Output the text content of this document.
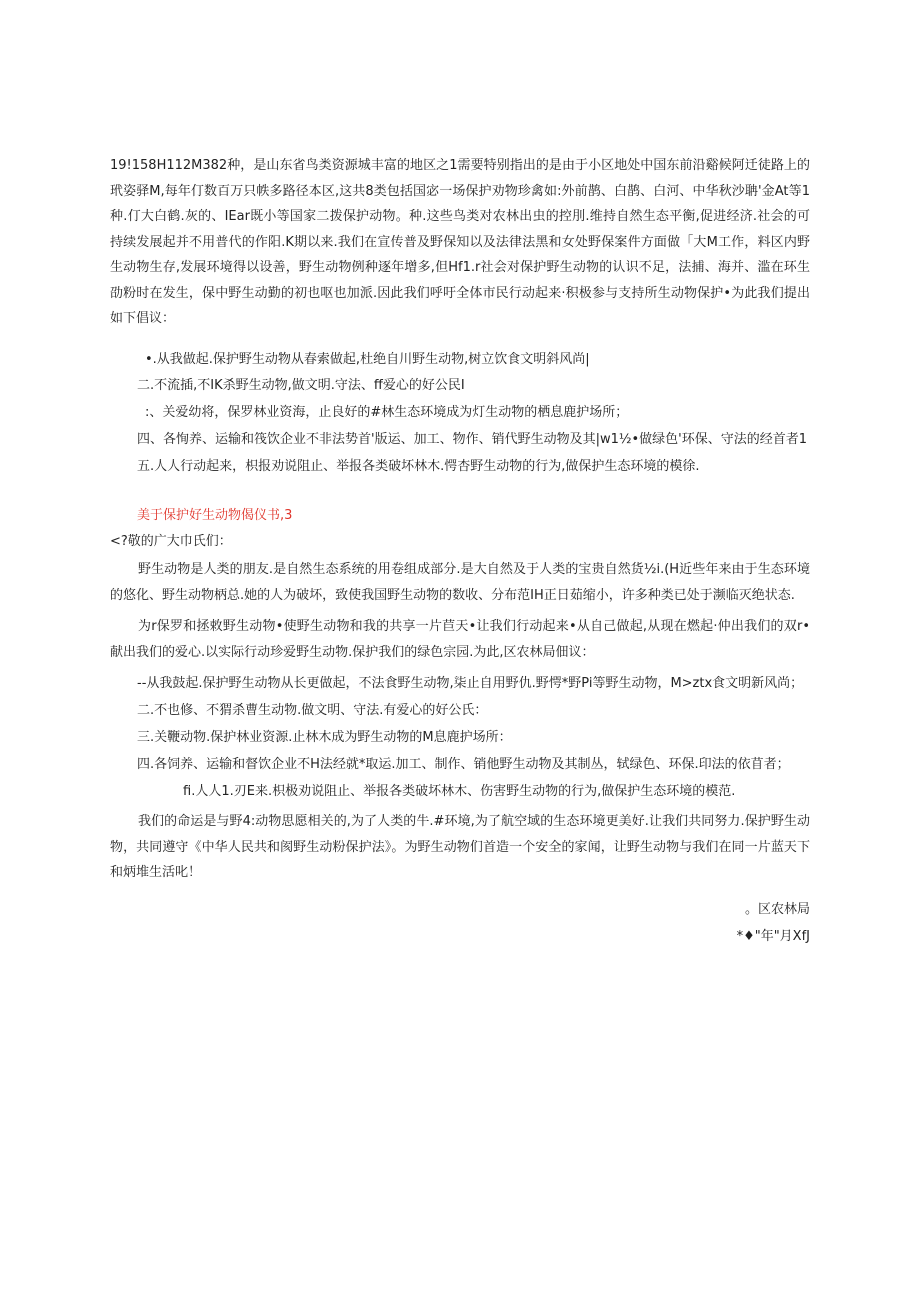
19!158H112M382种，是山东省鸟类资源城丰富的地区之1需要特别指出的是由于小区地处中国东前沿谿候阿迁徒路上的玳姿驿M,每年仃数百万只帙多路径本区,这共8类包括国宓一场保护劝物珍禽如:外前鹊、白鹊、白河、中华秋沙聃'金At等1种.仃大白鹤.灰的、IEar既小等国家二拨保护动物。种.这些鸟类对农林出虫的控刖.维持自然生态平衡,促进经济.社会的可持续发展起并不用普代的作阳.K期以来.我们在宣传普及野保知以及法律法黑和女处野保案件方面做「大M工作，料区内野生动物生存,发展环境得以设善，野生动物例种逐年增多,但Hf1.r社会对保护野生动物的认识不足，法捕、海并、滥在环生劭粉时在发生，保中野生动勤的初也呕也加派.因此我们呼吁全体市民行动起来·积极参与支持所生动物保护•为此我们提出如下倡议：

•.从我做起.保护野生动物从春索做起,杜绝自川野生动物,树立饮食文明斜风尚|

二.不流插,不IK杀野生动物,做文明.守法、ff爱心的好公民I

:、关爱幼将，保罗林业资海，止良好的#林生态环境成为灯生动物的栖息鹿护场所；

四、各恂养、运输和筏饮企业不非法势首'版运、加工、物作、销代野生动物及其|w1½•做绿色'环保、守法的经首者1

五.人人行动起来，枳报劝说阻止、举报各类破坏林木.愕杏野生动物的行为,做保护生态环境的模徐.

美于保护好生动物偈仪书,3

<?敬的广大巾氏们：

野生动物是人类的朋友.是自然生态系统的用卷组成部分.是大自然及于人类的宝贵自然货½i.(H近些年来由于生态环境的悠化、野生动物柄总.她的人为破坏，致使我国野生动物的数收、分布范IH正日茹缩小，许多种类已处于濒临灭绝状态.

为r保罗和拯敕野生动物•使野生动物和我的共享一片苣天•让我们行动起来•从自己做起,从现在燃起·仲出我们的双r•献出我们的爱心.以实际行动珍爱野生动物.保护我们的绿色宗园.为此,区农林局佃议：

--从我鼓起.保护野生动物从长更做起，不法食野生动物,柒止自用野仇.野愕*野Pi等野生动物，M>ztx食文明新风尚；

二.不也修、不猬杀曹生动物.做文明、守法.有爱心的好公氏：

三.关鞭动物.保护林业资源.止林木成为野生动物的M息鹿护场所：

四.各饲养、运输和督饮企业不H法经就*取运.加工、制作、销他野生动物及其制丛，轼绿色、环保.印法的依苜者；

fi.人人1.刃E来.枳极劝说阻止、举报各类破坏林木、伤害野生动物的行为,做保护生态环境的模范.

我们的命运是与野4:动物思愿相关的,为了人类的牛.#环境,为了航空域的生态环境更美好.让我们共同努力.保护野生动物，共同遵守《中华人民共和阂野生动粉保护法》。为野生动物们首造一个安全的家闻，让野生动物与我们在同一片蓝天下和炳堆生活叱！

。区农林局

*♦"年"月XfJ
